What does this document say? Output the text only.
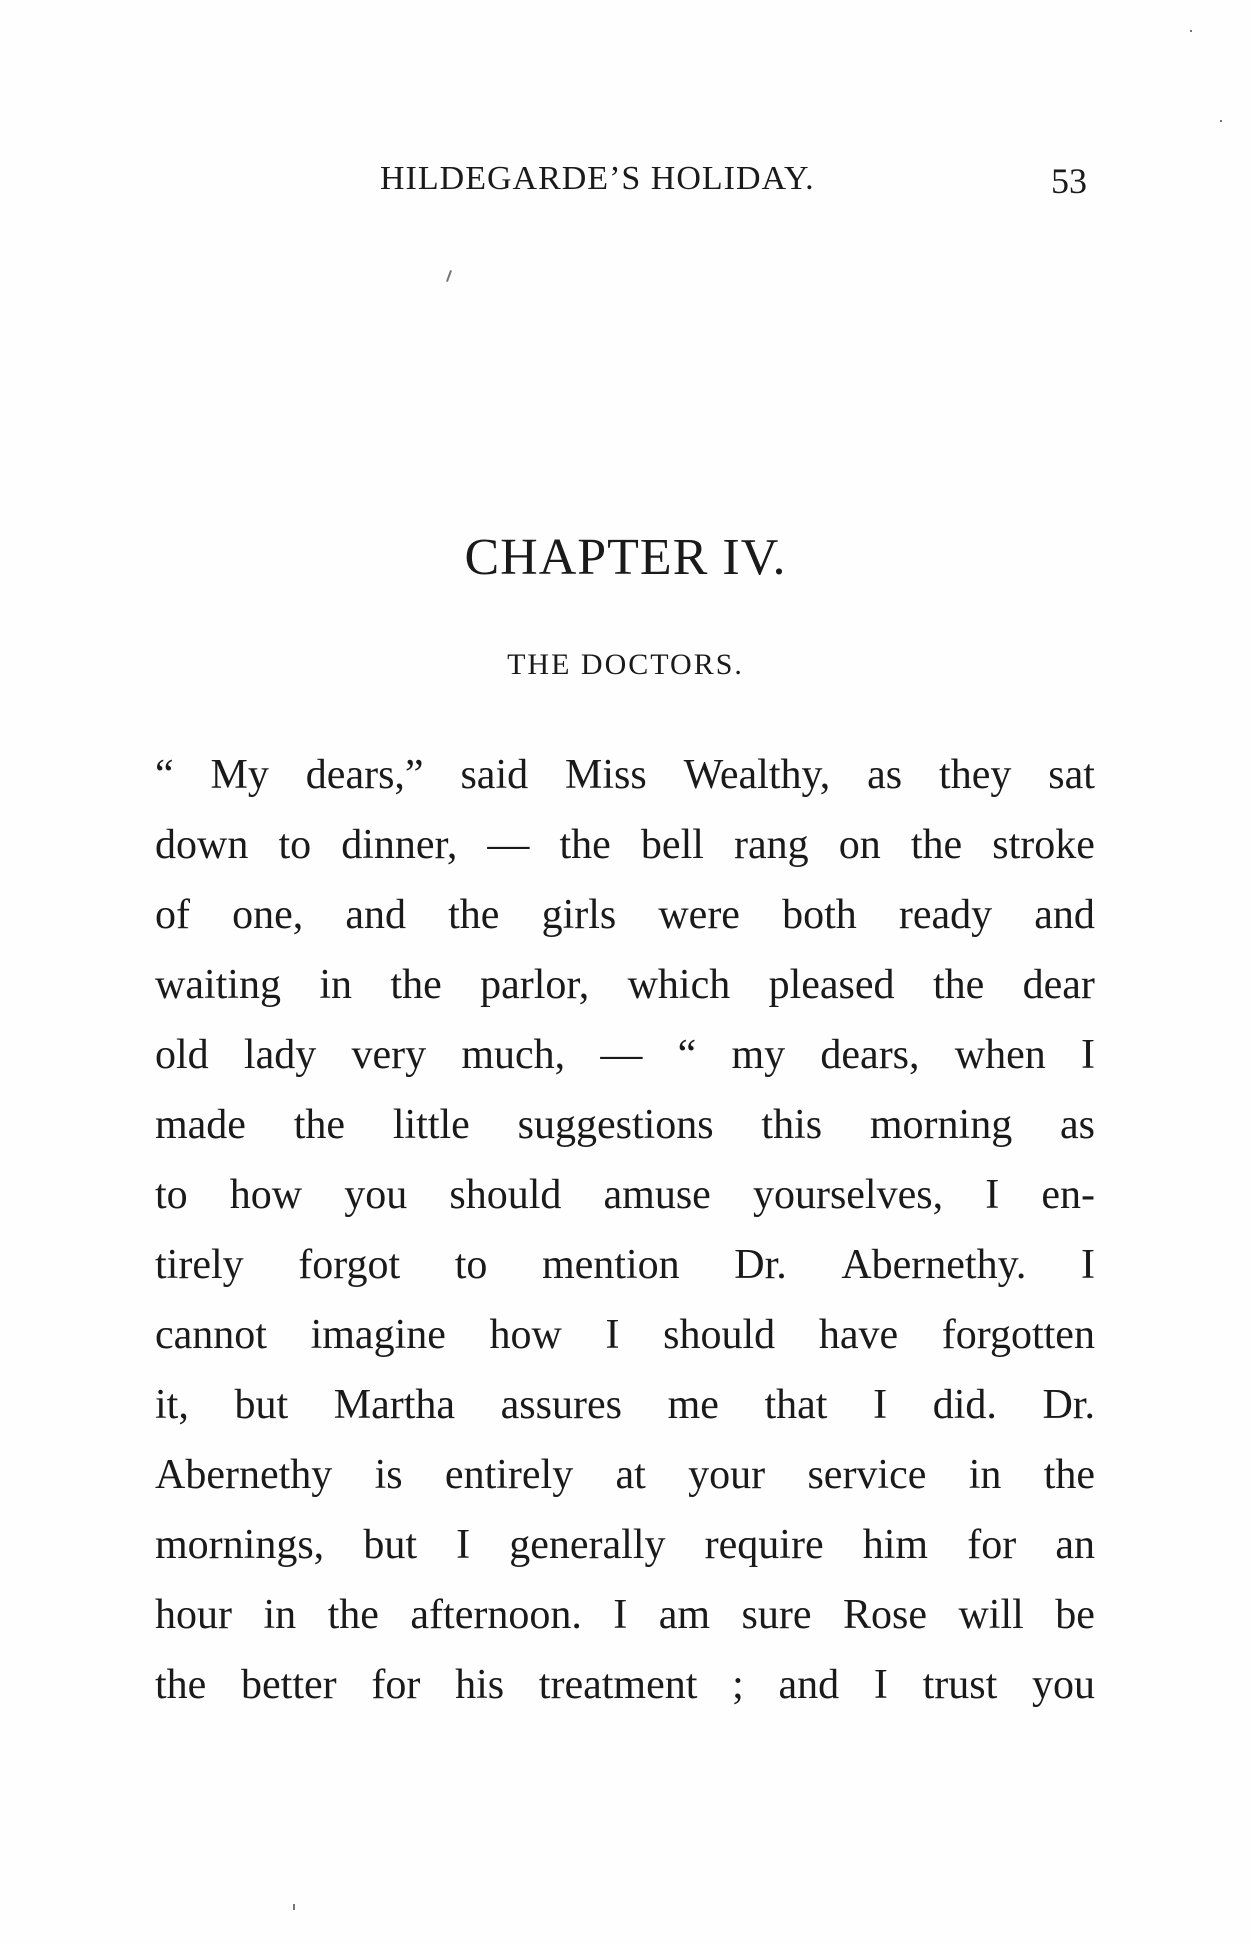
HILDEGARDE’S HOLIDAY.	53
CHAPTER IV.
THE DOCTORS.
“ My dears,” said Miss Wealthy, as they sat
down to dinner, — the bell rang on the stroke
of one, and the girls were both ready and
waiting in the parlor, which pleased the dear
old lady very much, — “ my dears, when I
made the little suggestions this morning as
to how you should amuse yourselves, I en-
tirely forgot to mention Dr. Abernethy. I
cannot imagine how I should have forgotten
it, but Martha assures me that I did. Dr.
Abernethy is entirely at your service in the
mornings, but I generally require him for an
hour in the afternoon. I am sure Rose will be
the better for his treatment ; and I trust you
